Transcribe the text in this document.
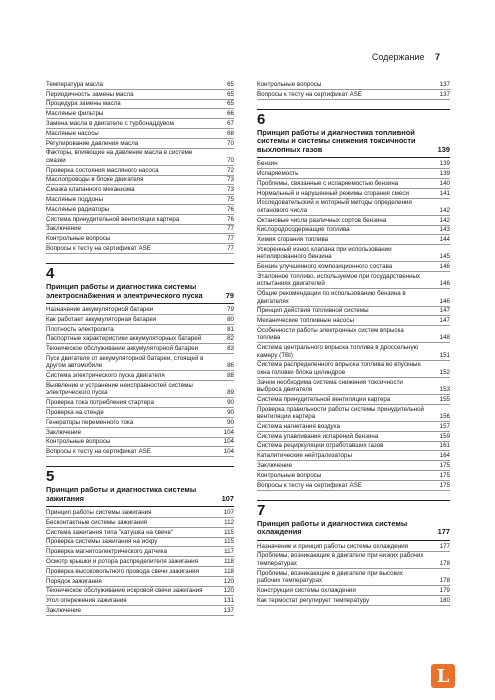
Содержание 7
Температура масла	65
Периодичность замены масла	65
Процедура замены масла	65
Масляные фильтры	66
Замена масла в двигателе с турбонаддувом	67
Масляные насосы	68
Регулирование давления масла	70
Факторы, влияющие на давление масла в системе смазки	70
Проверка состояния масляного насоса	72
Маслопроводы в блоке двигателя	73
Смазка клапанного механизма	73
Масляные поддоны	75
Масляные радиаторы	76
Система принудительной вентиляции картера	76
Заключение	77
Контрольные вопросы	77
Вопросы к тесту на сертификат ASE	77
4
Принцип работы и диагностика системы электроснабжения и электрического пуска	79
Назначение аккумуляторной батареи	79
Как работает аккумуляторная батарея	80
Плотность электролита	81
Паспортные характеристики аккумуляторных батарей	82
Техническое обслуживание аккумуляторной батареи	83
Пуск двигателя от аккумуляторной батареи, стоящей в другом автомобиле	86
Система электрического пуска двигателя	88
Выявление и устранение неисправностей системы электрического пуска	89
Проверка тока потребления стартера	90
Проверка на стенде	90
Генераторы переменного тока	90
Заключение	104
Контрольные вопросы	104
Вопросы к тесту на сертификат ASE	104
5
Принцип работы и диагностика системы зажигания	107
Принцип работы системы зажигания	107
Бесконтактные системы зажигания	112
Система зажигания типа "катушка на свече"	115
Проверка системы зажигания на искру	115
Проверка магнитоэлектрического датчика	117
Осмотр крышки и ротора распределителя зажигания	118
Проверка высоковольтного провода свечи зажигания	118
Порядок зажигания	120
Техническое обслуживание искровой свечи зажигания	120
Угол опережения зажигания	131
Заключение	137
Контрольные вопросы	137
Вопросы к тесту на сертификат ASE	137
6
Принцип работы и диагностика топливной системы и системы снижения токсичности выхлопных газов	139
Бензин	139
Испаряемость	139
Проблемы, связанные с испаряемостью бензина	140
Нормальный и нарушенный режимы сгорания смеси	141
Исследовательский и моторный методы определения октанового числа	142
Октановые числа различных сортов бензина	142
Кислородосодержащие топлива	143
Химия сгорания топлива	144
Ускоренный износ клапана при использовании нетилированного бензина	145
Бензин улучшенного композиционного состава	146
Эталонное топливо, используемое при государственных испытаниях двигателей	146
Общие рекомендации по использованию бензина в двигателях	146
Принцип действия топливной системы	147
Механические топливные насосы	147
Особенности работы электронных систем впрыска топлива	148
Система центрального впрыска топлива в дроссельную камеру (TBI)	151
Система распределенного впрыска топлива во впускные окна головки блока цилиндров	152
Зачем необходима система снижения токсичности выброса двигателя	153
Система принудительной вентиляции картера	155
Проверка правильности работы системы принудительной вентиляции картера	156
Система нагнетания воздуха	157
Система улавливания испарений бензина	159
Система рециркуляции отработавших газов	161
Каталитические нейтрализаторы	164
Заключение	175
Контрольные вопросы	175
Вопросы к тесту на сертификат ASE	175
7
Принцип работы и диагностика системы охлаждения	177
Назначение и принцип работы системы охлаждения	177
Проблемы, возникающие в двигателе при низких рабочих температурах	178
Проблемы, возникающие в двигателе при высоких рабочих температурах	178
Конструкция системы охлаждения	179
Как термостат регулирует температуру	180
L
